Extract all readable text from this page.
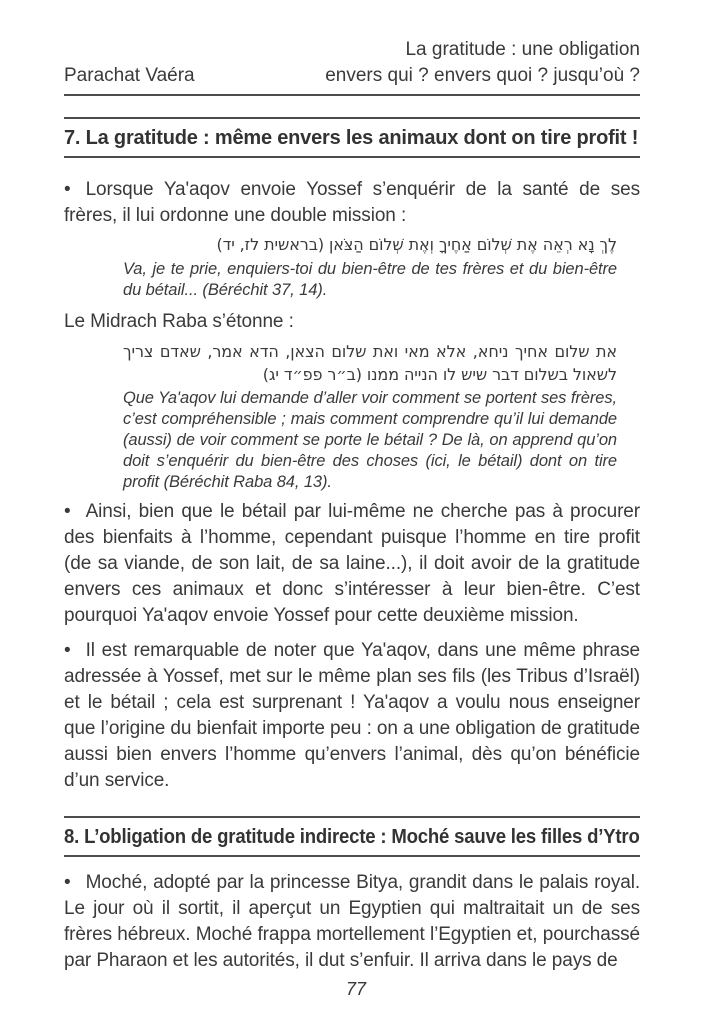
La gratitude : une obligation
Parachat Vaéra	envers qui ? envers quoi ? jusqu’où ?
7. La gratitude : même envers les animaux dont on tire profit !

• Lorsque Ya'aqov envoie Yossef s’enquérir de la santé de ses frères, il lui ordonne une double mission :

לֶךְ נָא רְאֵה אֶת שְׁלוֹם אַחֶיךָ וְאֶת שְׁלוֹם הַצֹּאן (בראשית לז, יד)

Va, je te prie, enquiers-toi du bien-être de tes frères et du bien-être du bétail... (Béréchit 37, 14).

Le Midrach Raba s’étonne :

את שלום אחיך ניחא, אלא מאי ואת שלום הצאן, הדא אמר, שאדם צריך לשאול בשלום דבר שיש לו הנייה ממנו (ב״ר פפ״ד יג)

Que Ya'aqov lui demande d’aller voir comment se portent ses frères, c’est compréhensible ; mais comment comprendre qu’il lui demande (aussi) de voir comment se porte le bétail ? De là, on apprend qu’on doit s’enquérir du bien-être des choses (ici, le bétail) dont on tire profit (Béréchit Raba 84, 13).

• Ainsi, bien que le bétail par lui-même ne cherche pas à procurer des bienfaits à l’homme, cependant puisque l’homme en tire profit (de sa viande, de son lait, de sa laine...), il doit avoir de la gratitude envers ces animaux et donc s’intéresser à leur bien-être. C’est pourquoi Ya'aqov envoie Yossef pour cette deuxième mission.

• Il est remarquable de noter que Ya'aqov, dans une même phrase adressée à Yossef, met sur le même plan ses fils (les Tribus d’Israël) et le bétail ; cela est surprenant ! Ya'aqov a voulu nous enseigner que l’origine du bienfait importe peu : on a une obligation de gratitude aussi bien envers l’homme qu’envers l’animal, dès qu’on bénéficie d’un service.

8. L’obligation de gratitude indirecte : Moché sauve les filles d’Ytro

• Moché, adopté par la princesse Bitya, grandit dans le palais royal. Le jour où il sortit, il aperçut un Egyptien qui maltraitait un de ses frères hébreux. Moché frappa mortellement l’Egyptien et, pourchassé par Pharaon et les autorités, il dut s’enfuir. Il arriva dans le pays de

77
